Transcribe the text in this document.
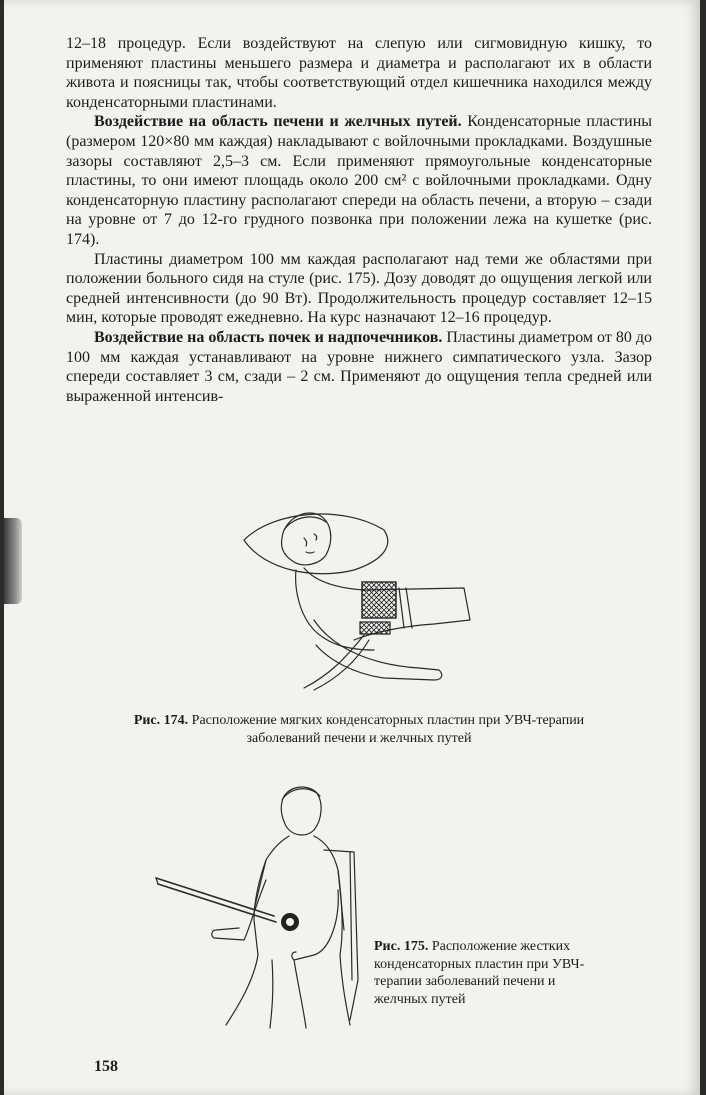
12–18 процедур. Если воздействуют на слепую или сигмовидную кишку, то применяют пластины меньшего размера и диаметра и располагают их в области живота и поясницы так, чтобы соответствующий отдел кишечника находился между конденсаторными пластинами.

Воздействие на область печени и желчных путей. Конденсаторные пластины (размером 120×80 мм каждая) накладывают с войлочными прокладками. Воздушные зазоры составляют 2,5–3 см. Если применяют прямоугольные конденсаторные пластины, то они имеют площадь около 200 см² с войлочными прокладками. Одну конденсаторную пластину располагают спереди на область печени, а вторую – сзади на уровне от 7 до 12-го грудного позвонка при положении лежа на кушетке (рис. 174).

Пластины диаметром 100 мм каждая располагают над теми же областями при положении больного сидя на стуле (рис. 175). Дозу доводят до ощущения легкой или средней интенсивности (до 90 Вт). Продолжительность процедур составляет 12–15 мин, которые проводят ежедневно. На курс назначают 12–16 процедур.

Воздействие на область почек и надпочечников. Пластины диаметром от 80 до 100 мм каждая устанавливают на уровне нижнего симпатического узла. Зазор спереди составляет 3 см, сзади – 2 см. Применяют до ощущения тепла средней или выраженной интенсив-

Рис. 174. Расположение мягких конденсаторных пластин при УВЧ-терапии заболеваний печени и желчных путей
Рис. 175. Расположение жестких конденсаторных пластин при УВЧ-терапии заболеваний печени и желчных путей
158
